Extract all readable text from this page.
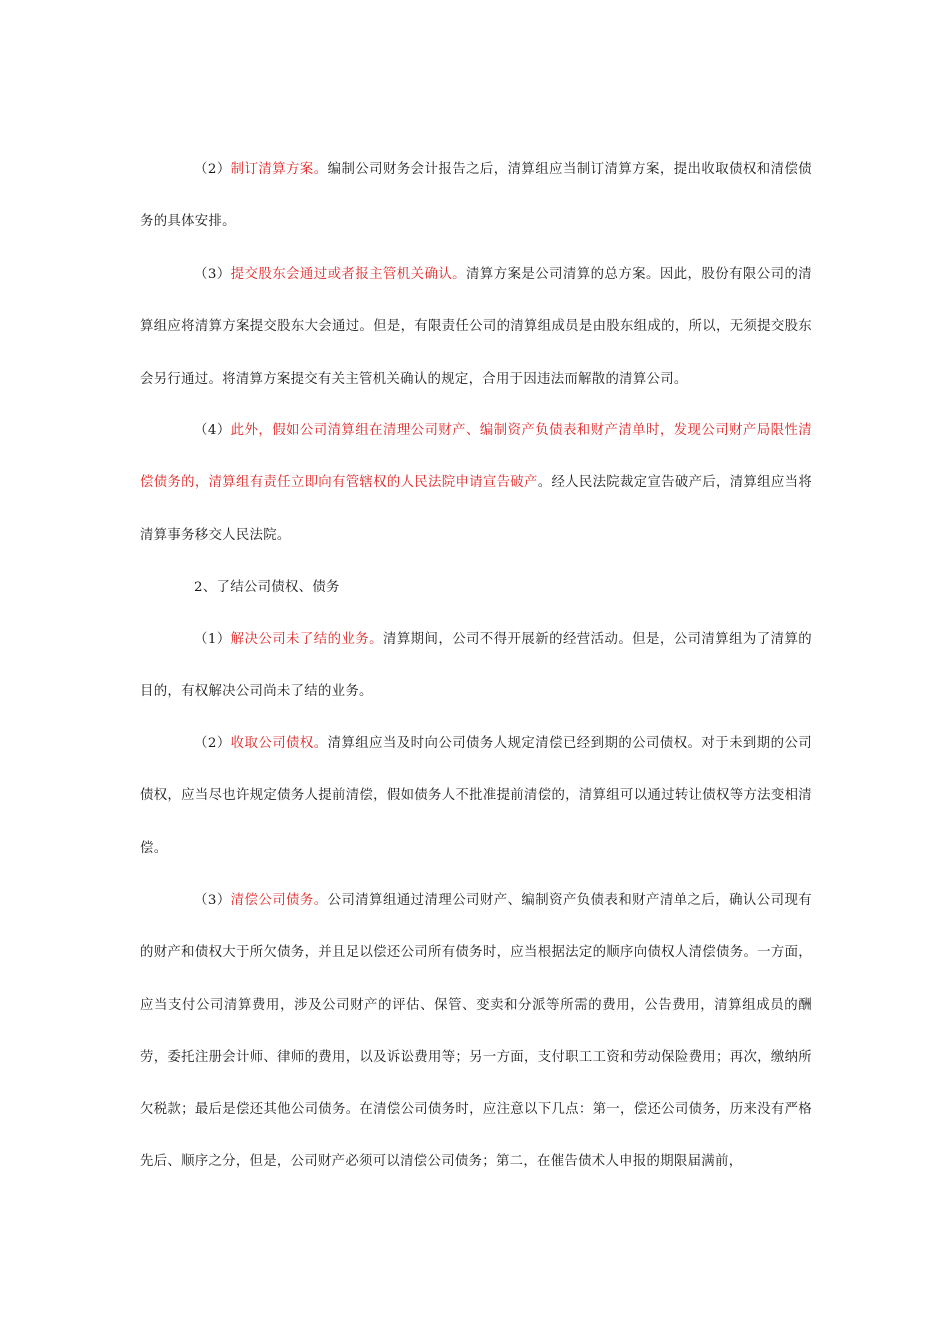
（2）制订清算方案。编制公司财务会计报告之后，清算组应当制订清算方案，提出收取债权和清偿债务的具体安排。

（3）提交股东会通过或者报主管机关确认。清算方案是公司清算的总方案。因此，股份有限公司的清算组应将清算方案提交股东大会通过。但是，有限责任公司的清算组成员是由股东组成的，所以，无须提交股东会另行通过。将清算方案提交有关主管机关确认的规定，合用于因违法而解散的清算公司。

（4）此外，假如公司清算组在清理公司财产、编制资产负债表和财产清单时，发现公司财产局限性清偿债务的，清算组有责任立即向有管辖权的人民法院申请宣告破产。经人民法院裁定宣告破产后，清算组应当将清算事务移交人民法院。

2、了结公司债权、债务

（1）解决公司未了结的业务。清算期间，公司不得开展新的经营活动。但是，公司清算组为了清算的目的，有权解决公司尚未了结的业务。

（2）收取公司债权。清算组应当及时向公司债务人规定清偿已经到期的公司债权。对于未到期的公司债权，应当尽也许规定债务人提前清偿，假如债务人不批准提前清偿的，清算组可以通过转让债权等方法变相清偿。

（3）清偿公司债务。公司清算组通过清理公司财产、编制资产负债表和财产清单之后，确认公司现有的财产和债权大于所欠债务，并且足以偿还公司所有债务时，应当根据法定的顺序向债权人清偿债务。一方面，应当支付公司清算费用，涉及公司财产的评估、保管、变卖和分派等所需的费用，公告费用，清算组成员的酬劳，委托注册会计师、律师的费用，以及诉讼费用等；另一方面，支付职工工资和劳动保险费用；再次，缴纳所欠税款；最后是偿还其他公司债务。在清偿公司债务时，应注意以下几点：第一，偿还公司债务，历来没有严格先后、顺序之分，但是，公司财产必须可以清偿公司债务；第二，在催告债术人申报的期限届满前，
